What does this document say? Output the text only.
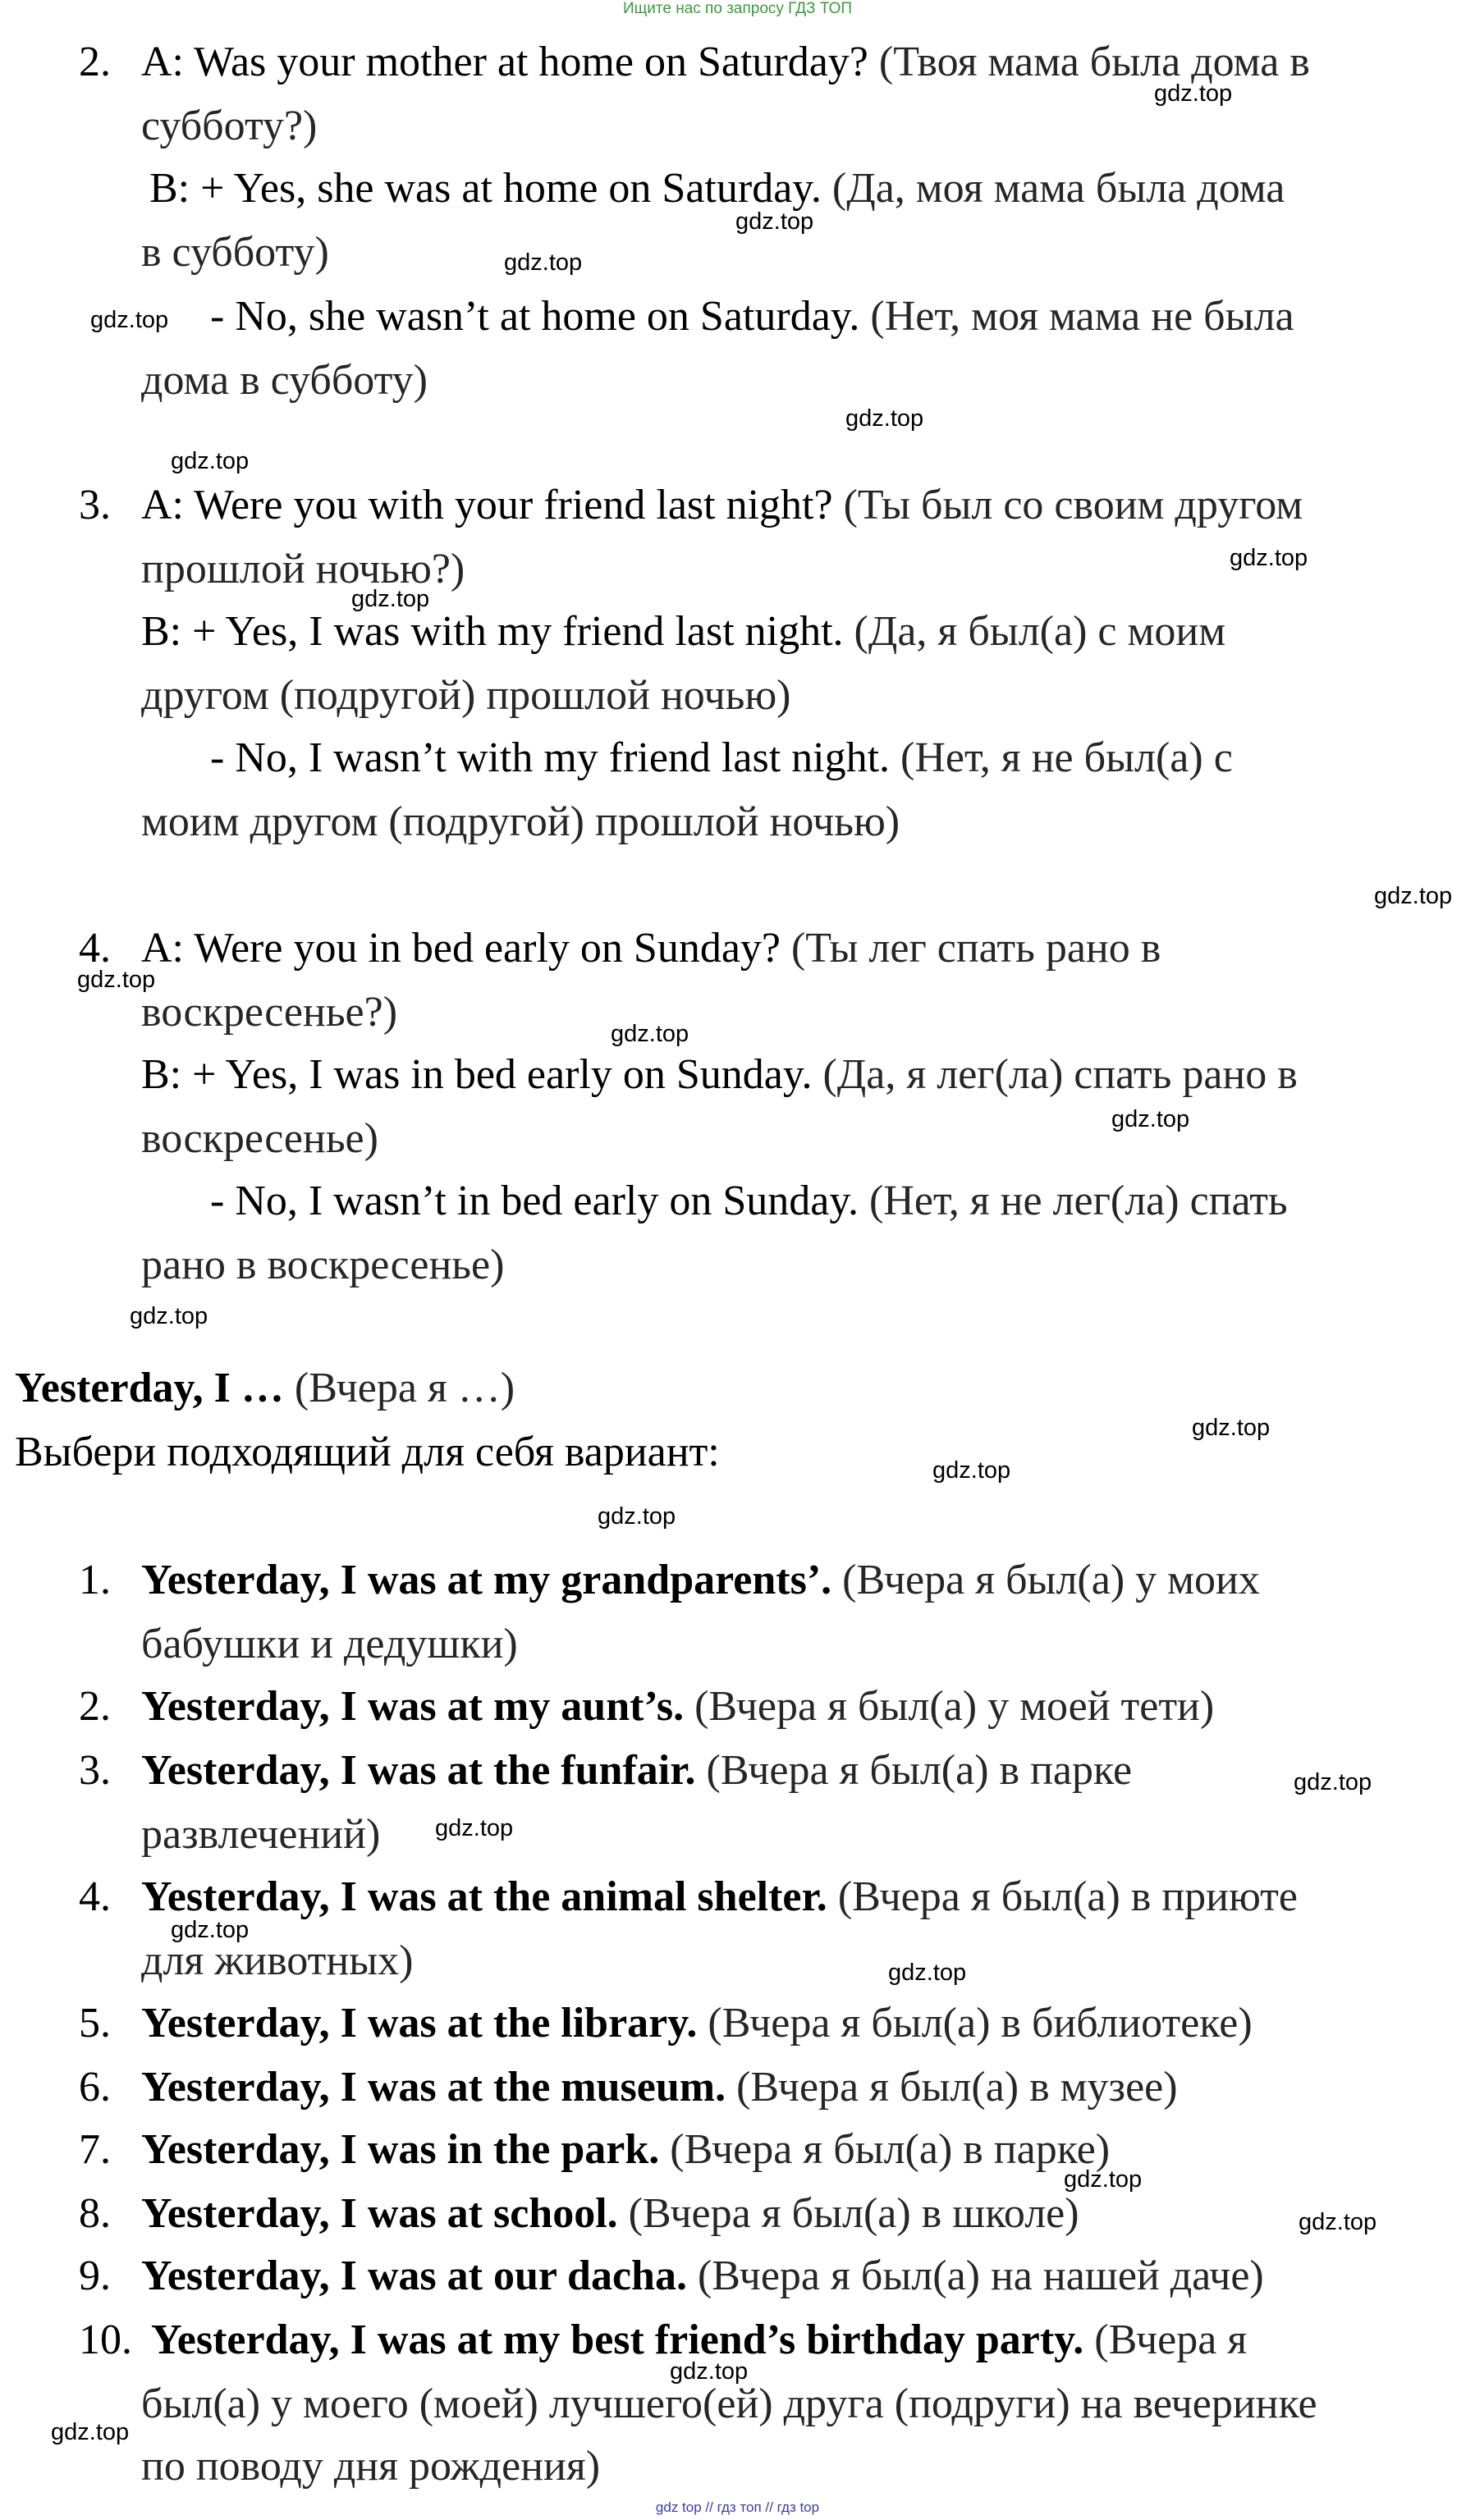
Ищите нас по запросу ГДЗ ТОП
2. A: Was your mother at home on Saturday? (Твоя мама была дома в
субботу?)
B: + Yes, she was at home on Saturday. (Да, моя мама была дома
в субботу)
- No, she wasn’t at home on Saturday. (Нет, моя мама не была
дома в субботу)
3. A: Were you with your friend last night? (Ты был со своим другом
прошлой ночью?)
B: + Yes, I was with my friend last night. (Да, я был(а) с моим
другом (подругой) прошлой ночью)
- No, I wasn’t with my friend last night. (Нет, я не был(а) с
моим другом (подругой) прошлой ночью)
4. A: Were you in bed early on Sunday? (Ты лег спать рано в
воскресенье?)
B: + Yes, I was in bed early on Sunday. (Да, я лег(ла) спать рано в
воскресенье)
- No, I wasn’t in bed early on Sunday. (Нет, я не лег(ла) спать
рано в воскресенье)
Yesterday, I … (Вчера я …)
Выбери подходящий для себя вариант:
1. Yesterday, I was at my grandparents’. (Вчера я был(а) у моих
бабушки и дедушки)
2. Yesterday, I was at my aunt’s. (Вчера я был(а) у моей тети)
3. Yesterday, I was at the funfair. (Вчера я был(а) в парке
развлечений)
4. Yesterday, I was at the animal shelter. (Вчера я был(а) в приюте
для животных)
5. Yesterday, I was at the library. (Вчера я был(а) в библиотеке)
6. Yesterday, I was at the museum. (Вчера я был(а) в музее)
7. Yesterday, I was in the park. (Вчера я был(а) в парке)
8. Yesterday, I was at school. (Вчера я был(а) в школе)
9. Yesterday, I was at our dacha. (Вчера я был(а) на нашей даче)
10. Yesterday, I was at my best friend’s birthday party. (Вчера я
был(а) у моего (моей) лучшего(ей) друга (подруги) на вечеринке
по поводу дня рождения)
gdz.top
gdz.top
gdz.top
gdz.top
gdz.top
gdz.top
gdz.top
gdz.top
gdz.top
gdz.top
gdz.top
gdz.top
gdz.top
gdz.top
gdz.top
gdz.top
gdz.top
gdz.top
gdz.top
gdz.top
gdz.top
gdz.top
gdz.top
gdz.top
gdz top // гдз топ // гдз top
